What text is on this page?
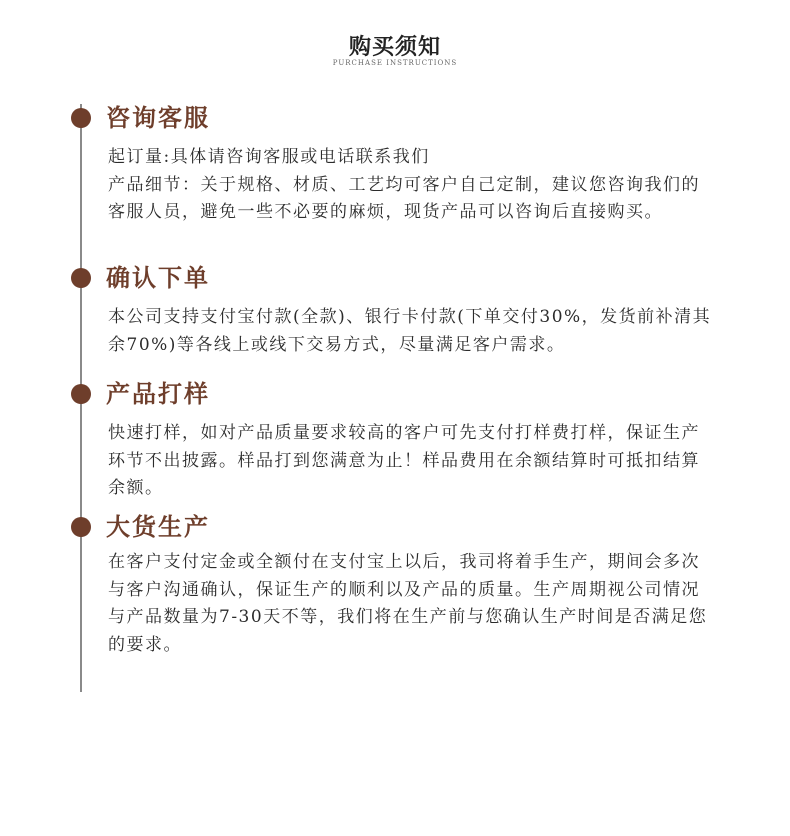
购买须知
PURCHASE INSTRUCTIONS
咨询客服

起订量:具体请咨询客服或电话联系我们

产品细节：关于规格、材质、工艺均可客户自己定制，建议您咨询我们的客服人员，避免一些不必要的麻烦，现货产品可以咨询后直接购买。

确认下单

本公司支持支付宝付款(全款)、银行卡付款(下单交付30%，发货前补清其余70%)等各线上或线下交易方式，尽量满足客户需求。

产品打样

快速打样，如对产品质量要求较高的客户可先支付打样费打样，保证生产环节不出披露。样品打到您满意为止！样品费用在余额结算时可抵扣结算余额。

大货生产

在客户支付定金或全额付在支付宝上以后，我司将着手生产，期间会多次与客户沟通确认，保证生产的顺利以及产品的质量。生产周期视公司情况与产品数量为7-30天不等，我们将在生产前与您确认生产时间是否满足您的要求。
